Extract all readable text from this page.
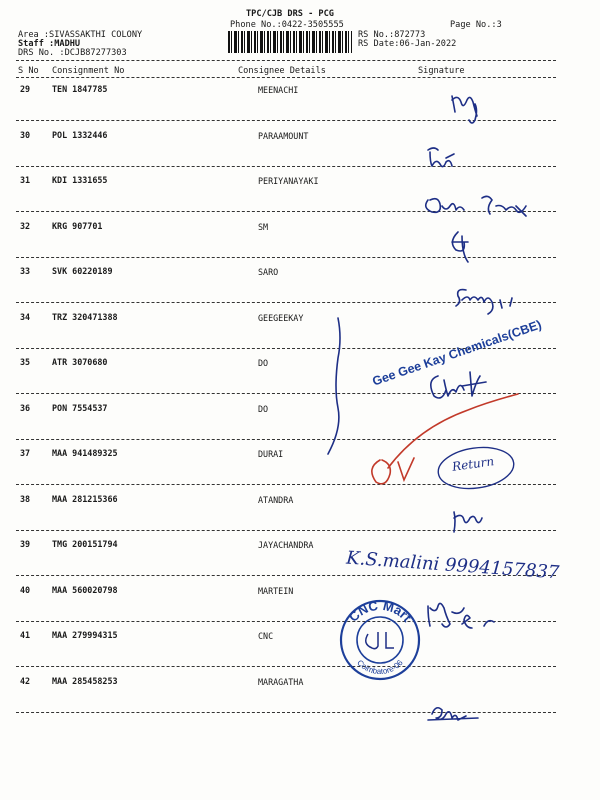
TPC/CJB DRS - PCG
Phone No.:0422-3505555	Page No.:3
Area :SIVASSAKTHI COLONY
Staff :MADHU
DRS No. :DCJB87277303
RS No.:872773
RS Date:06-Jan-2022
S No Consignment No	Consignee Details	Signature
29	TEN 1847785	MEENACHI
30	POL 1332446	PARAAMOUNT
31	KDI 1331655	PERIYANAYAKI
32	KRG 907701	SM
33	SVK 60220189	SARO
34	TRZ 320471388	GEEGEEKAY
35	ATR 3070680	DO
36	PON 7554537	DO
37	MAA 941489325	DURAI
38	MAA 281215366	ATANDRA
39	TMG 200151794	JAYACHANDRA
40	MAA 560020798	MARTEIN
41	MAA 279994315	CNC
42	MAA 285458253	MARAGATHA
K.S.malini 9994157837
Return
Gee Gee Kay Chemicals(CBE)
CNC Mart
Coimbatore-06
